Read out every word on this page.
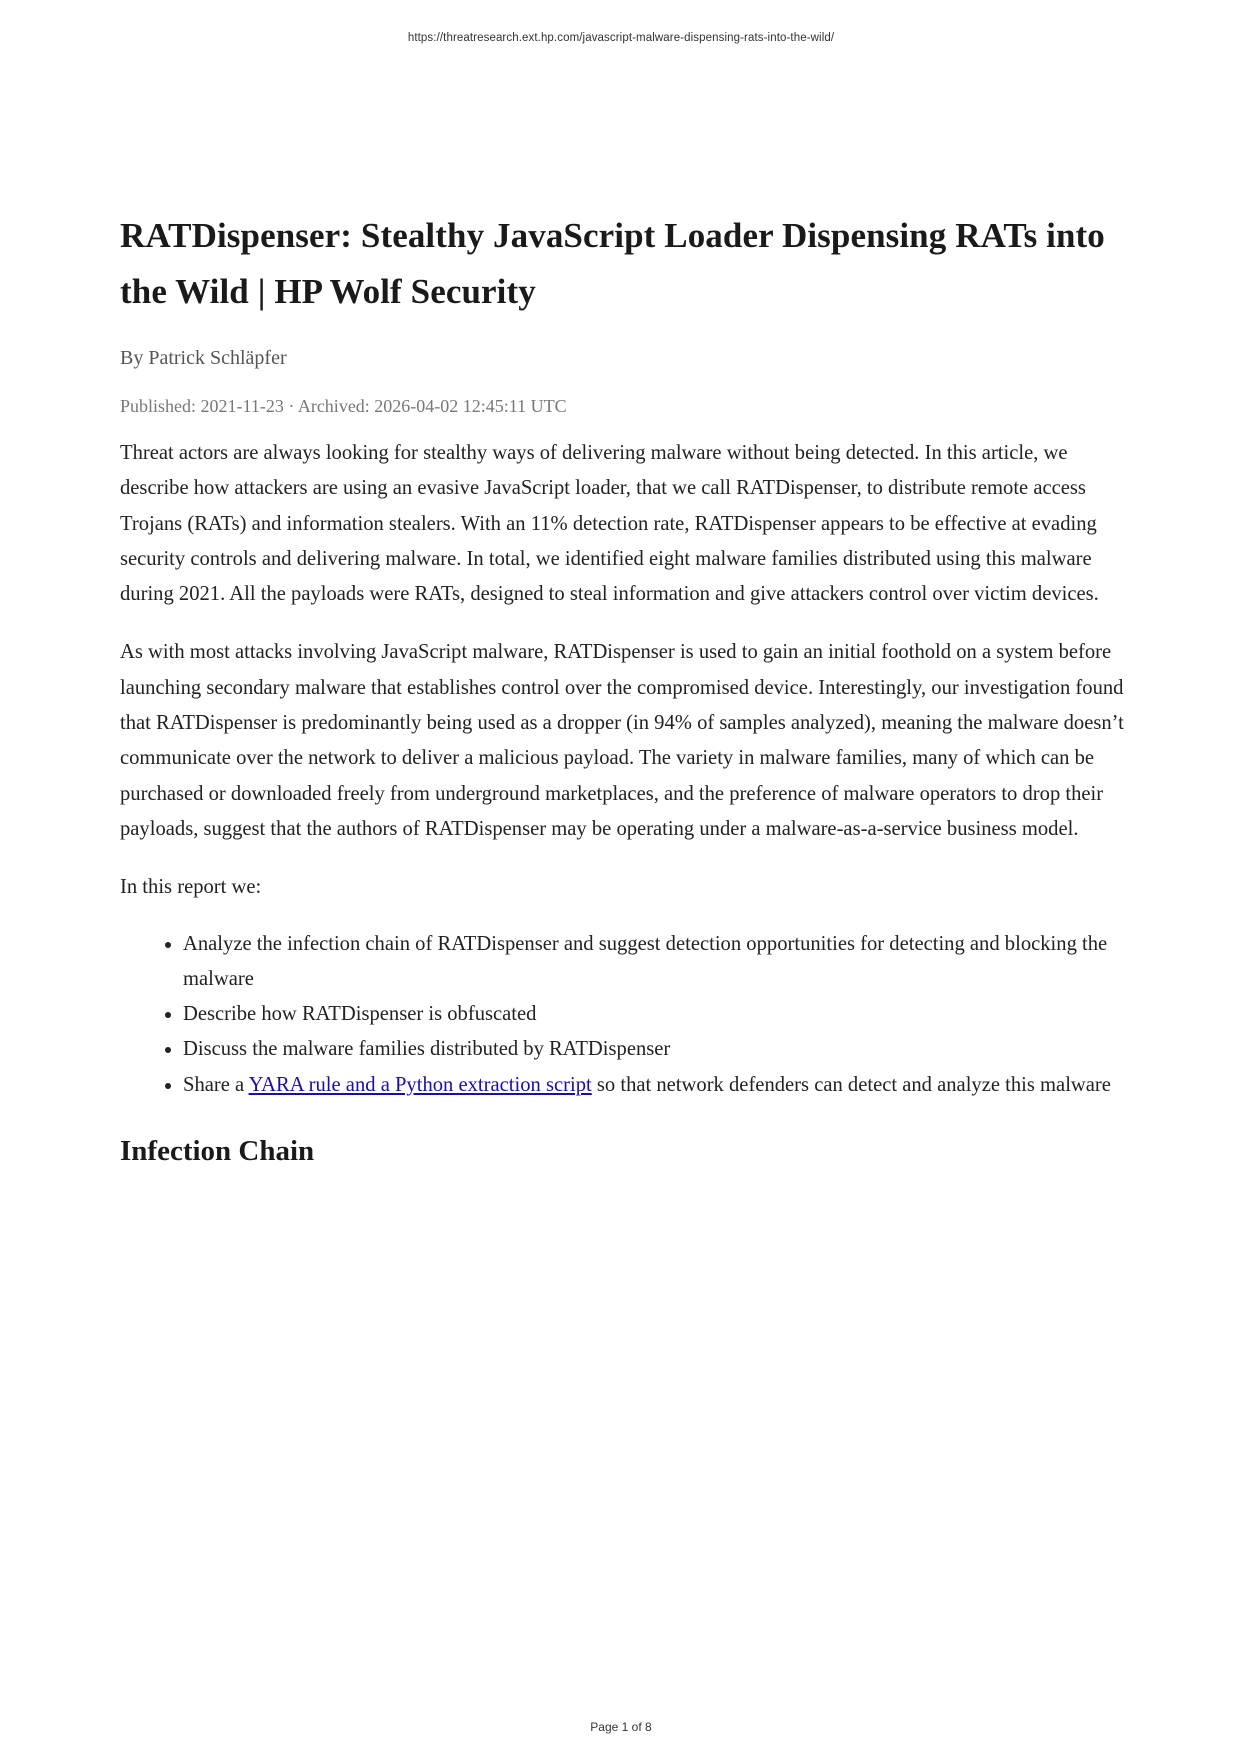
https://threatresearch.ext.hp.com/javascript-malware-dispensing-rats-into-the-wild/
RATDispenser: Stealthy JavaScript Loader Dispensing RATs into the Wild | HP Wolf Security
By Patrick Schläpfer
Published: 2021-11-23 · Archived: 2026-04-02 12:45:11 UTC

Threat actors are always looking for stealthy ways of delivering malware without being detected. In this article, we describe how attackers are using an evasive JavaScript loader, that we call RATDispenser, to distribute remote access Trojans (RATs) and information stealers. With an 11% detection rate, RATDispenser appears to be effective at evading security controls and delivering malware. In total, we identified eight malware families distributed using this malware during 2021. All the payloads were RATs, designed to steal information and give attackers control over victim devices.

As with most attacks involving JavaScript malware, RATDispenser is used to gain an initial foothold on a system before launching secondary malware that establishes control over the compromised device. Interestingly, our investigation found that RATDispenser is predominantly being used as a dropper (in 94% of samples analyzed), meaning the malware doesn’t communicate over the network to deliver a malicious payload. The variety in malware families, many of which can be purchased or downloaded freely from underground marketplaces, and the preference of malware operators to drop their payloads, suggest that the authors of RATDispenser may be operating under a malware-as-a-service business model.

In this report we:

• Analyze the infection chain of RATDispenser and suggest detection opportunities for detecting and blocking the malware
• Describe how RATDispenser is obfuscated
• Discuss the malware families distributed by RATDispenser
• Share a YARA rule and a Python extraction script so that network defenders can detect and analyze this malware
Infection Chain
Page 1 of 8
